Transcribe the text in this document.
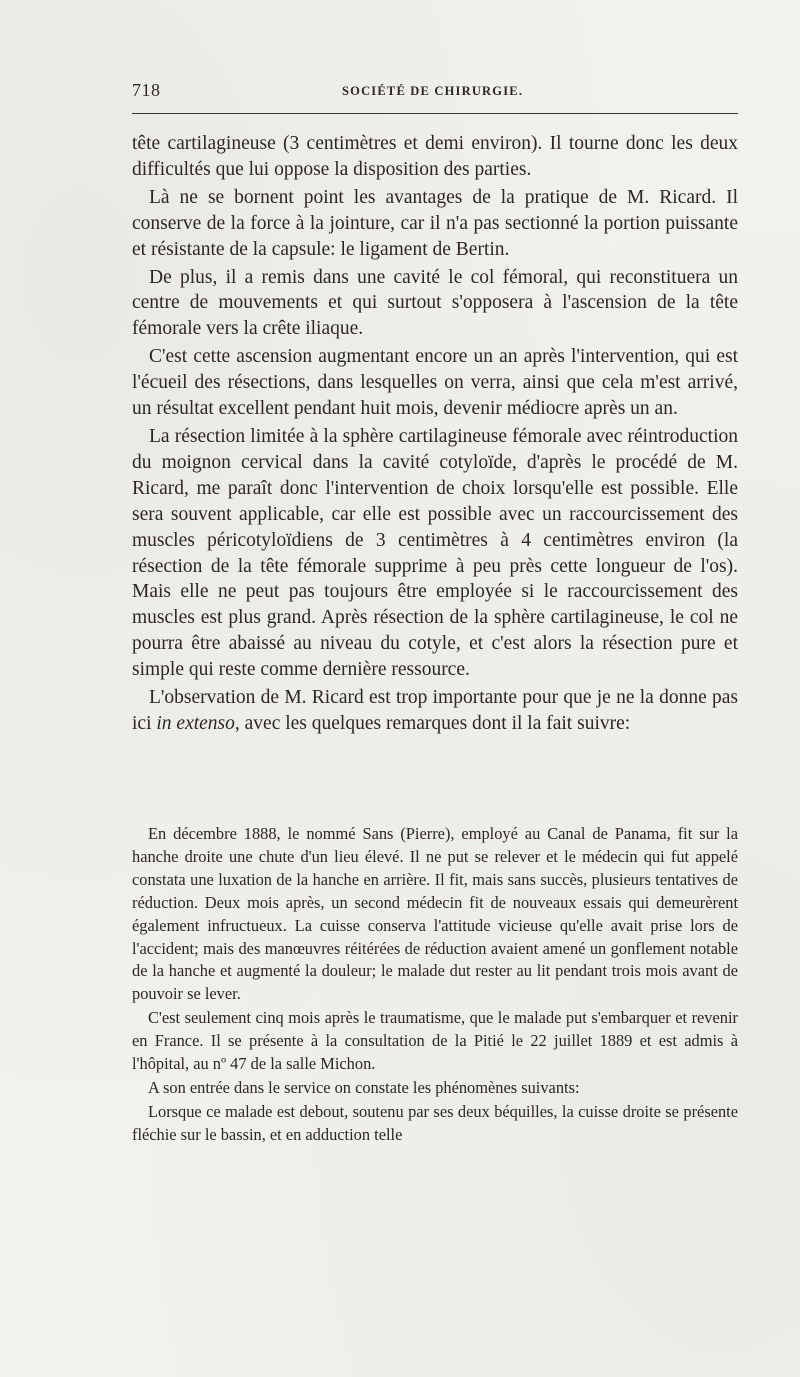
718	SOCIÉTÉ DE CHIRURGIE.

tête cartilagineuse (3 centimètres et demi environ). Il tourne donc les deux difficultés que lui oppose la disposition des parties.

Là ne se bornent point les avantages de la pratique de M. Ricard. Il conserve de la force à la jointure, car il n'a pas sectionné la portion puissante et résistante de la capsule: le ligament de Bertin.

De plus, il a remis dans une cavité le col fémoral, qui reconstituera un centre de mouvements et qui surtout s'opposera à l'ascension de la tête fémorale vers la crête iliaque.

C'est cette ascension augmentant encore un an après l'intervention, qui est l'écueil des résections, dans lesquelles on verra, ainsi que cela m'est arrivé, un résultat excellent pendant huit mois, devenir médiocre après un an.

La résection limitée à la sphère cartilagineuse fémorale avec réintroduction du moignon cervical dans la cavité cotyloïde, d'après le procédé de M. Ricard, me paraît donc l'intervention de choix lorsqu'elle est possible. Elle sera souvent applicable, car elle est possible avec un raccourcissement des muscles péricotyloïdiens de 3 centimètres à 4 centimètres environ (la résection de la tête fémorale supprime à peu près cette longueur de l'os). Mais elle ne peut pas toujours être employée si le raccourcissement des muscles est plus grand. Après résection de la sphère cartilagineuse, le col ne pourra être abaissé au niveau du cotyle, et c'est alors la résection pure et simple qui reste comme dernière ressource.

L'observation de M. Ricard est trop importante pour que je ne la donne pas ici in extenso, avec les quelques remarques dont il la fait suivre:

En décembre 1888, le nommé Sans (Pierre), employé au Canal de Panama, fit sur la hanche droite une chute d'un lieu élevé. Il ne put se relever et le médecin qui fut appelé constata une luxation de la hanche en arrière. Il fit, mais sans succès, plusieurs tentatives de réduction. Deux mois après, un second médecin fit de nouveaux essais qui demeurèrent également infructueux. La cuisse conserva l'attitude vicieuse qu'elle avait prise lors de l'accident; mais des manœuvres réitérées de réduction avaient amené un gonflement notable de la hanche et augmenté la douleur; le malade dut rester au lit pendant trois mois avant de pouvoir se lever.

C'est seulement cinq mois après le traumatisme, que le malade put s'embarquer et revenir en France. Il se présente à la consultation de la Pitié le 22 juillet 1889 et est admis à l'hôpital, au nº 47 de la salle Michon.

A son entrée dans le service on constate les phénomènes suivants:

Lorsque ce malade est debout, soutenu par ses deux béquilles, la cuisse droite se présente fléchie sur le bassin, et en adduction telle
